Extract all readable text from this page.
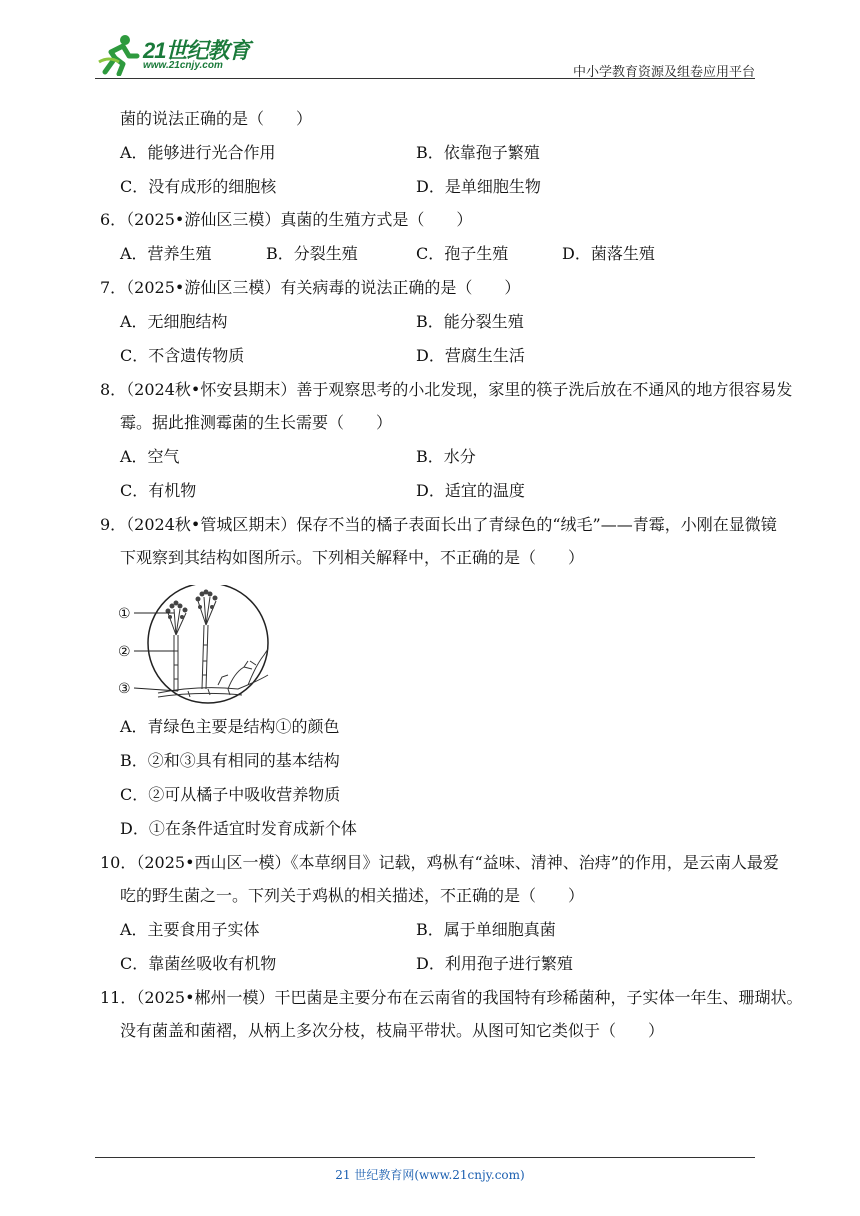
21世纪教育
www.21cnjy.com	中小学教育资源及组卷应用平台
菌的说法正确的是（　　）
A．能够进行光合作用	B．依靠孢子繁殖
C．没有成形的细胞核	D．是单细胞生物
6．（2025•游仙区三模）真菌的生殖方式是（　　）
A．营养生殖	B．分裂生殖	C．孢子生殖	D．菌落生殖
7．（2025•游仙区三模）有关病毒的说法正确的是（　　）
A．无细胞结构	B．能分裂生殖
C．不含遗传物质	D．营腐生生活
8．（2024秋•怀安县期末）善于观察思考的小北发现，家里的筷子洗后放在不通风的地方很容易发
霉。据此推测霉菌的生长需要（　　）
A．空气	B．水分
C．有机物	D．适宜的温度
9．（2024秋•管城区期末）保存不当的橘子表面长出了青绿色的“绒毛”——青霉，小刚在显微镜
下观察到其结构如图所示。下列相关解释中，不正确的是（　　）
①
②
③
A．青绿色主要是结构①的颜色
B．②和③具有相同的基本结构
C．②可从橘子中吸收营养物质
D．①在条件适宜时发育成新个体
10．（2025•西山区一模）《本草纲目》记载，鸡枞有“益味、清神、治痔”的作用，是云南人最爱
吃的野生菌之一。下列关于鸡枞的相关描述，不正确的是（　　）
A．主要食用子实体	B．属于单细胞真菌
C．靠菌丝吸收有机物	D．利用孢子进行繁殖
11．（2025•郴州一模）干巴菌是主要分布在云南省的我国特有珍稀菌种，子实体一年生、珊瑚状。
没有菌盖和菌褶，从柄上多次分枝，枝扁平带状。从图可知它类似于（　　）
21 世纪教育网(www.21cnjy.com)
